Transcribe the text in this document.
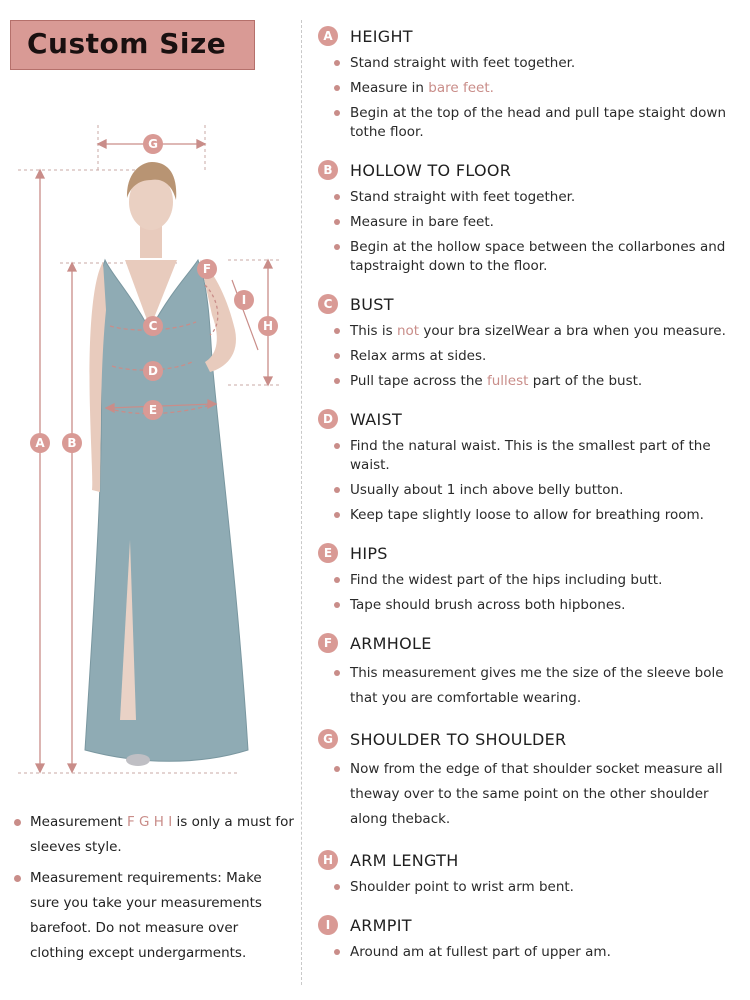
Custom Size
A B
C
D
E
F
G
H
I
Measurement F G H I is only a must for sleeves style.
Measurement requirements: Make sure you take your measurements barefoot. Do not measure over clothing except undergarments.
A	HEIGHT
Stand straight with feet together.
Measure in bare feet.
Begin at the top of the head and pull tape staight down tothe floor.
B	HOLLOW TO FLOOR
Stand straight with feet together.
Measure in bare feet.
Begin at the hollow space between the collarbones and tapstraight down to the floor.
C	BUST
This is not your bra sizelWear a bra when you measure.
Relax arms at sides.
Pull tape across the fullest part of the bust.
D	WAIST
Find the natural waist. This is the smallest part of the waist.
Usually about 1 inch above belly button.
Keep tape slightly loose to allow for breathing room.
E	HIPS
Find the widest part of the hips including butt.
Tape should brush across both hipbones.
F	ARMHOLE
This measurement gives me the size of the sleeve bole that you are comfortable wearing.
G	SHOULDER TO SHOULDER
Now from the edge of that shoulder socket measure all theway over to the same point on the other shoulder along theback.
H	ARM LENGTH
Shoulder point to wrist arm bent.
I	ARMPIT
Around am at fullest part of upper am.
